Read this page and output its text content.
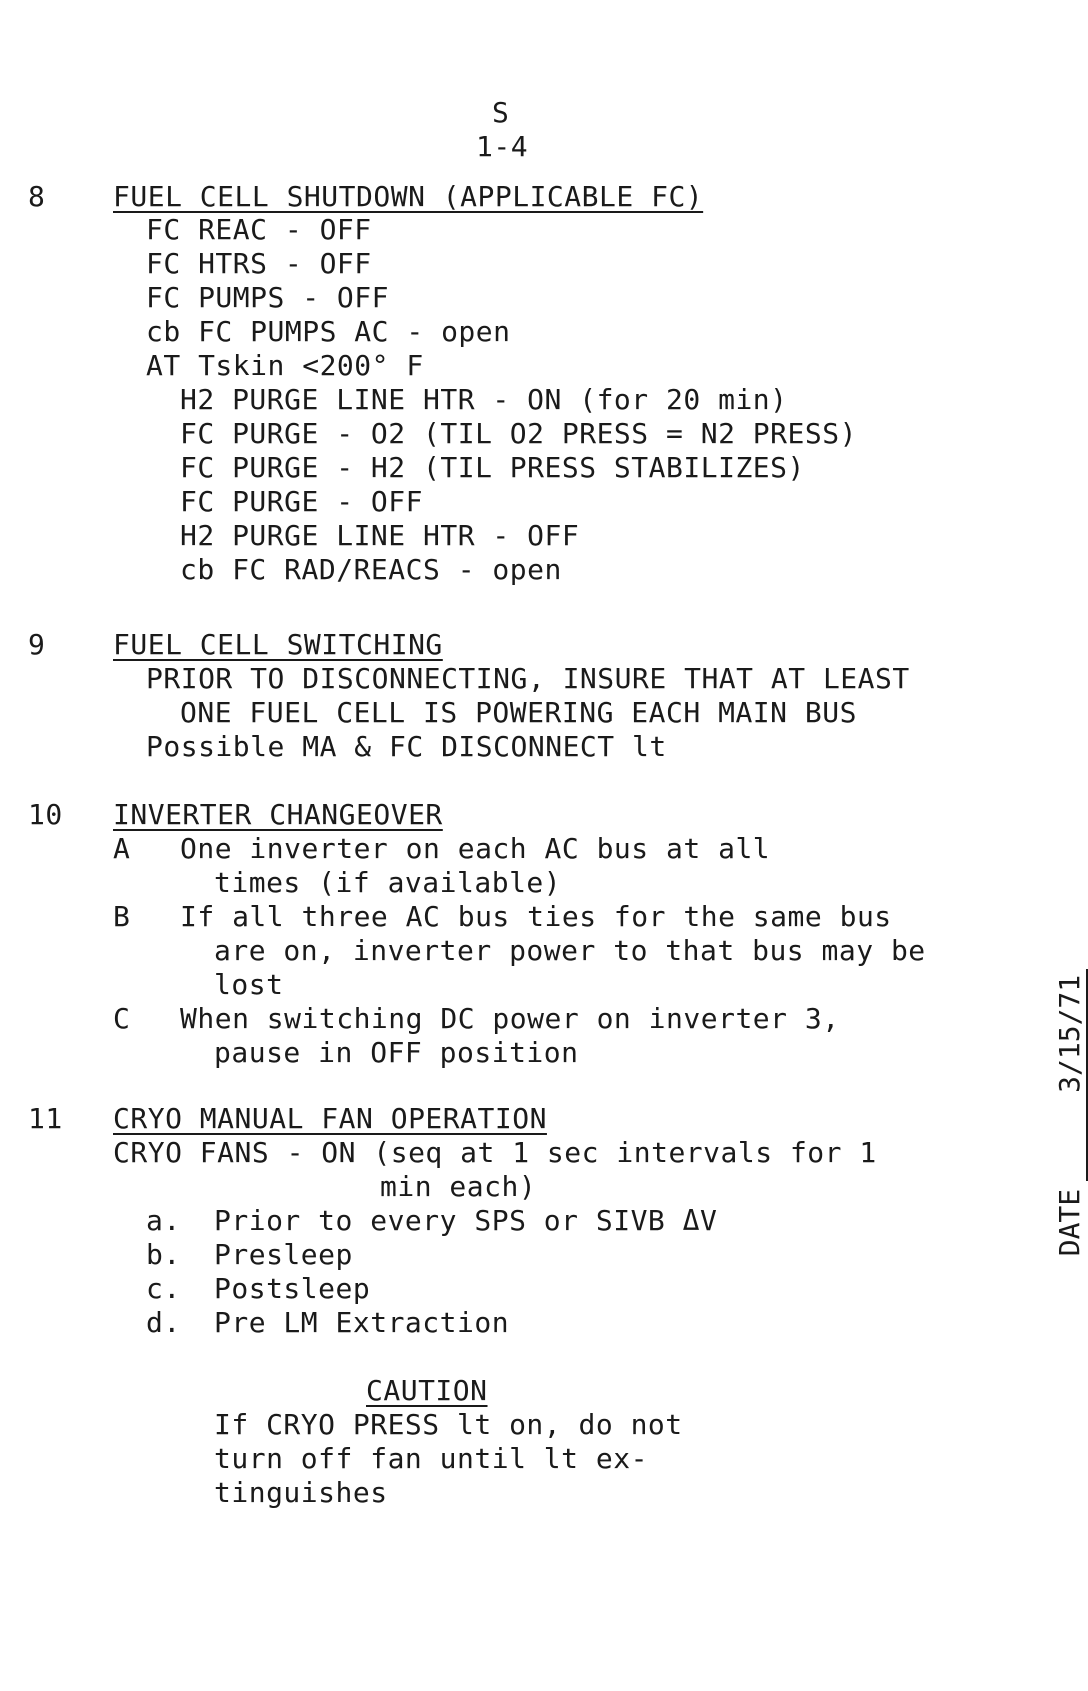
S
1-4
8 FUEL CELL SHUTDOWN (APPLICABLE FC)
FC REAC - OFF
FC HTRS - OFF
FC PUMPS - OFF
cb FC PUMPS AC - open
AT Tskin <200° F
H2 PURGE LINE HTR - ON (for 20 min)
FC PURGE - O2 (TIL O2 PRESS = N2 PRESS)
FC PURGE - H2 (TIL PRESS STABILIZES)
FC PURGE - OFF
H2 PURGE LINE HTR - OFF
cb FC RAD/REACS - open
9 FUEL CELL SWITCHING
PRIOR TO DISCONNECTING, INSURE THAT AT LEAST
ONE FUEL CELL IS POWERING EACH MAIN BUS
Possible MA & FC DISCONNECT lt
10 INVERTER CHANGEOVER
A One inverter on each AC bus at all
times (if available)
B If all three AC bus ties for the same bus
are on, inverter power to that bus may be
lost
C When switching DC power on inverter 3,
pause in OFF position
11 CRYO MANUAL FAN OPERATION
CRYO FANS - ON (seq at 1 sec intervals for 1
min each)
a. Prior to every SPS or SIVB ΔV
b. Presleep
c. Postsleep
d. Pre LM Extraction
CAUTION
If CRYO PRESS lt on, do not
turn off fan until lt ex-
tinguishes

DATE3/15/71
